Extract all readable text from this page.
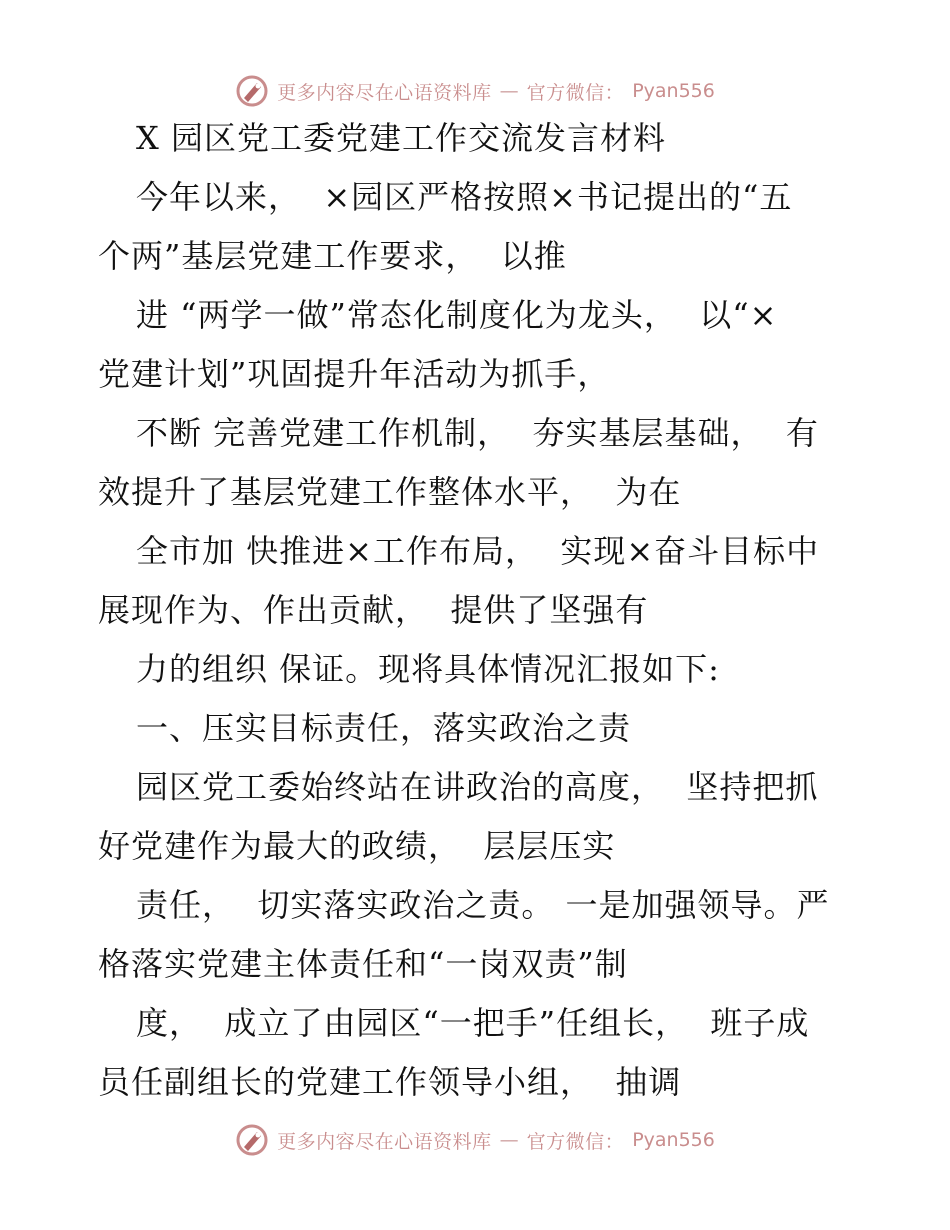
更多内容尽在心语资料库 — 官方微信： Pyan556
X 园区党工委党建工作交流发言材料
今年以来，  ×园区严格按照×书记提出的“五
个两”基层党建工作要求，  以推
进 “两学一做”常态化制度化为龙头，  以“×
党建计划”巩固提升年活动为抓手，
不断 完善党建工作机制，  夯实基层基础，  有
效提升了基层党建工作整体水平，  为在
全市加 快推进×工作布局，  实现×奋斗目标中
展现作为、作出贡献，  提供了坚强有
力的组织 保证。现将具体情况汇报如下:
一、压实目标责任，落实政治之责
园区党工委始终站在讲政治的高度，  坚持把抓
好党建作为最大的政绩，  层层压实
责任，  切实落实政治之责。 一是加强领导。严
格落实党建主体责任和“一岗双责”制
度，  成立了由园区“一把手”任组长，  班子成
员任副组长的党建工作领导小组，  抽调
更多内容尽在心语资料库 — 官方微信： Pyan556
